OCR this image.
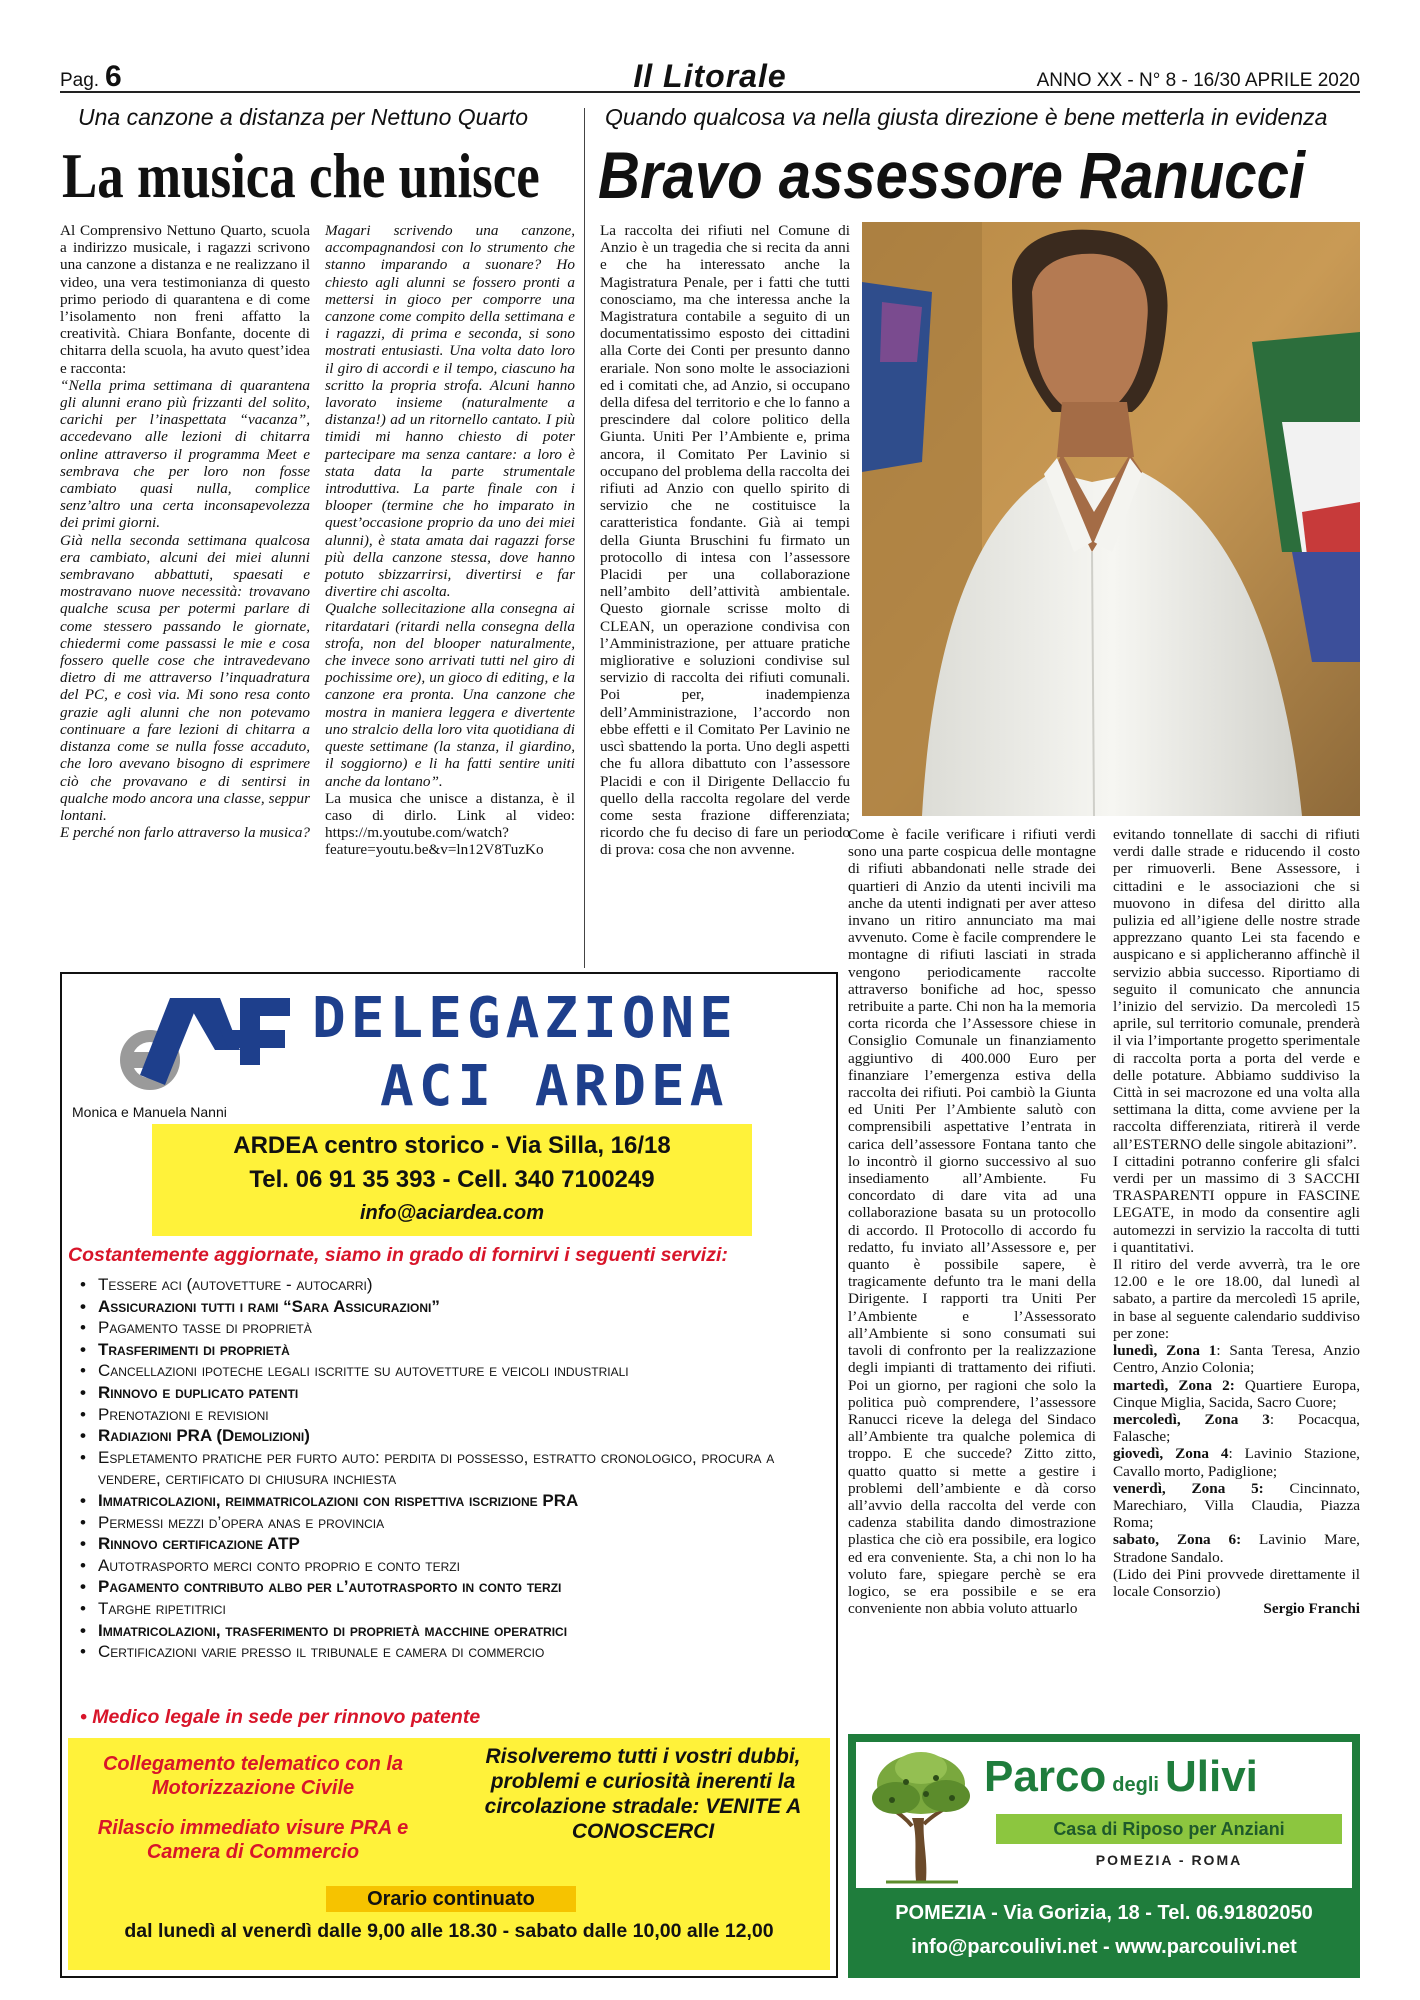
Pag. 6	Il Litorale	ANNO XX - N° 8 - 16/30 APRILE 2020
Una canzone a distanza per Nettuno Quarto
La musica che unisce

Al Comprensivo Nettuno Quarto, scuola a indirizzo musicale, i ragazzi scrivono una canzone a distanza e ne realizzano il video, una vera testimonianza di questo primo periodo di quarantena e di come l’isolamento non freni affatto la creatività. Chiara Bonfante, docente di chitarra della scuola, ha avuto quest’idea e racconta:

“Nella prima settimana di quarantena gli alunni erano più frizzanti del solito, carichi per l’inaspettata “vacanza”, accedevano alle lezioni di chitarra online attraverso il programma Meet e sembrava che per loro non fosse cambiato quasi nulla, complice senz’altro una certa inconsapevolezza dei primi giorni.

Già nella seconda settimana qualcosa era cambiato, alcuni dei miei alunni sembravano abbattuti, spaesati e mostravano nuove necessità: trovavano qualche scusa per potermi parlare di come stessero passando le giornate, chiedermi come passassi le mie e cosa fossero quelle cose che intravedevano dietro di me attraverso l’inquadratura del PC, e così via. Mi sono resa conto grazie agli alunni che non potevamo continuare a fare lezioni di chitarra a distanza come se nulla fosse accaduto, che loro avevano bisogno di esprimere ciò che provavano e di sentirsi in qualche modo ancora una classe, seppur lontani.

E perché non farlo attraverso la musica?

Magari scrivendo una canzone, accompagnandosi con lo strumento che stanno imparando a suonare? Ho chiesto agli alunni se fossero pronti a mettersi in gioco per comporre una canzone come compito della settimana e i ragazzi, di prima e seconda, si sono mostrati entusiasti. Una volta dato loro il giro di accordi e il tempo, ciascuno ha scritto la propria strofa. Alcuni hanno lavorato insieme (naturalmente a distanza!) ad un ritornello cantato. I più timidi mi hanno chiesto di poter partecipare ma senza cantare: a loro è stata data la parte strumentale introduttiva. La parte finale con i blooper (termine che ho imparato in quest’occasione proprio da uno dei miei alunni), è stata amata dai ragazzi forse più della canzone stessa, dove hanno potuto sbizzarrirsi, divertirsi e far divertire chi ascolta.

Qualche sollecitazione alla consegna ai ritardatari (ritardi nella consegna della strofa, non del blooper naturalmente, che invece sono arrivati tutti nel giro di pochissime ore), un gioco di editing, e la canzone era pronta. Una canzone che mostra in maniera leggera e divertente uno stralcio della loro vita quotidiana di queste settimane (la stanza, il giardino, il soggiorno) e li ha fatti sentire uniti anche da lontano”.

La musica che unisce a distanza, è il caso di dirlo. Link al video: https://m.youtube.com/watch?feature=youtu.be&v=ln12V8TuzKo

Quando qualcosa va nella giusta direzione è bene metterla in evidenza
Bravo assessore Ranucci

La raccolta dei rifiuti nel Comune di Anzio è un tragedia che si recita da anni e che ha interessato anche la Magistratura Penale, per i fatti che tutti conosciamo, ma che interessa anche la Magistratura contabile a seguito di un documentatissimo esposto dei cittadini alla Corte dei Conti per presunto danno erariale. Non sono molte le associazioni ed i comitati che, ad Anzio, si occupano della difesa del territorio e che lo fanno a prescindere dal colore politico della Giunta. Uniti Per l’Ambiente e, prima ancora, il Comitato Per Lavinio si occupano del problema della raccolta dei rifiuti ad Anzio con quello spirito di servizio che ne costituisce la caratteristica fondante. Già ai tempi della Giunta Bruschini fu firmato un protocollo di intesa con l’assessore Placidi per una collaborazione nell’ambito dell’attività ambientale. Questo giornale scrisse molto di CLEAN, un operazione condivisa con l’Amministrazione, per attuare pratiche migliorative e soluzioni condivise sul servizio di raccolta dei rifiuti comunali. Poi per, inadempienza dell’Amministrazione, l’accordo non ebbe effetti e il Comitato Per Lavinio ne uscì sbattendo la porta. Uno degli aspetti che fu allora dibattuto con l’assessore Placidi e con il Dirigente Dellaccio fu quello della raccolta regolare del verde come sesta frazione differenziata; ricordo che fu deciso di fare un periodo di prova: cosa che non avvenne.

Come è facile verificare i rifiuti verdi sono una parte cospicua delle montagne di rifiuti abbandonati nelle strade dei quartieri di Anzio da utenti incivili ma anche da utenti indignati per aver atteso invano un ritiro annunciato ma mai avvenuto. Come è facile comprendere le montagne di rifiuti lasciati in strada vengono periodicamente raccolte attraverso bonifiche ad hoc, spesso retribuite a parte. Chi non ha la memoria corta ricorda che l’Assessore chiese in Consiglio Comunale un finanziamento aggiuntivo di 400.000 Euro per finanziare l’emergenza estiva della raccolta dei rifiuti. Poi cambiò la Giunta ed Uniti Per l’Ambiente salutò con comprensibili aspettative l’entrata in carica dell’assessore Fontana tanto che lo incontrò il giorno successivo al suo insediamento all’Ambiente. Fu concordato di dare vita ad una collaborazione basata su un protocollo di accordo. Il Protocollo di accordo fu redatto, fu inviato all’Assessore e, per quanto è possibile sapere, è tragicamente defunto tra le mani della Dirigente. I rapporti tra Uniti Per l’Ambiente e l’Assessorato all’Ambiente si sono consumati sui tavoli di confronto per la realizzazione degli impianti di trattamento dei rifiuti. Poi un giorno, per ragioni che solo la politica può comprendere, l’assessore Ranucci riceve la delega del Sindaco all’Ambiente tra qualche polemica di troppo. E che succede? Zitto zitto, quatto quatto si mette a gestire i problemi dell’ambiente e dà corso all’avvio della raccolta del verde con cadenza stabilita dando dimostrazione plastica che ciò era possibile, era logico ed era conveniente. Sta, a chi non lo ha voluto fare, spiegare perchè se era logico, se era possibile e se era conveniente non abbia voluto attuarlo

evitando tonnellate di sacchi di rifiuti verdi dalle strade e riducendo il costo per rimuoverli. Bene Assessore, i cittadini e le associazioni che si muovono in difesa del diritto alla pulizia ed all’igiene delle nostre strade apprezzano quanto Lei sta facendo e auspicano e si applicheranno affinchè il servizio abbia successo. Riportiamo di seguito il comunicato che annuncia l’inizio del servizio. Da mercoledì 15 aprile, sul territorio comunale, prenderà il via l’importante progetto sperimentale di raccolta porta a porta del verde e delle potature. Abbiamo suddiviso la Città in sei macrozone ed una volta alla settimana la ditta, come avviene per la raccolta differenziata, ritirerà il verde all’ESTERNO delle singole abitazioni”.

I cittadini potranno conferire gli sfalci verdi per un massimo di 3 SACCHI TRASPARENTI oppure in FASCINE LEGATE, in modo da consentire agli automezzi in servizio la raccolta di tutti i quantitativi.

Il ritiro del verde avverrà, tra le ore 12.00 e le ore 18.00, dal lunedì al sabato, a partire da mercoledì 15 aprile, in base al seguente calendario suddiviso per zone:

lunedì, Zona 1: Santa Teresa, Anzio Centro, Anzio Colonia;

martedì, Zona 2: Quartiere Europa, Cinque Miglia, Sacida, Sacro Cuore;

mercoledì, Zona 3: Pocacqua, Falasche;

giovedì, Zona 4: Lavinio Stazione, Cavallo morto, Padiglione;

venerdì, Zona 5: Cincinnato, Marechiaro, Villa Claudia, Piazza Roma;

sabato, Zona 6: Lavinio Mare, Stradone Sandalo.

(Lido dei Pini provvede direttamente il locale Consorzio)

Sergio Franchi

DELEGAZIONE
ACI ARDEA
Monica e Manuela Nanni
ARDEA centro storico - Via Silla, 16/18
Tel. 06 91 35 393 - Cell. 340 7100249
info@aciardea.com
Costantemente aggiornate, siamo in grado di fornirvi i seguenti servizi:
• Tessere aci (autovetture - autocarri)
• Assicurazioni tutti i rami “Sara Assicurazioni”
• Pagamento tasse di proprietà
• Trasferimenti di proprietà
• Cancellazioni ipoteche legali iscritte su autovetture e veicoli industriali
• Rinnovo e duplicato patenti
• Prenotazioni e revisioni
• Radiazioni PRA (Demolizioni)
• Espletamento pratiche per furto auto: perdita di possesso, estratto cronologico, procura a vendere, certificato di chiusura inchiesta
• Immatricolazioni, reimmatricolazioni con rispettiva iscrizione PRA
• Permessi mezzi d’opera anas e provincia
• Rinnovo certificazione ATP
• Autotrasporto merci conto proprio e conto terzi
• Pagamento contributo albo per l’autotrasporto in conto terzi
• Targhe ripetitrici
• Immatricolazioni, trasferimento di proprietà macchine operatrici
• Certificazioni varie presso il tribunale e camera di commercio
• Medico legale in sede per rinnovo patente
Collegamento telematico con la Motorizzazione Civile
Rilascio immediato visure PRA e Camera di Commercio
Risolveremo tutti i vostri dubbi, problemi e curiosità inerenti la circolazione stradale: VENITE A CONOSCERCI
Orario continuato
dal lunedì al venerdì dalle 9,00 alle 18.30 - sabato dalle 10,00 alle 12,00
Parco degli Ulivi
Casa di Riposo per Anziani
POMEZIA - ROMA
POMEZIA - Via Gorizia, 18 - Tel. 06.91802050
info@parcoulivi.net - www.parcoulivi.net
